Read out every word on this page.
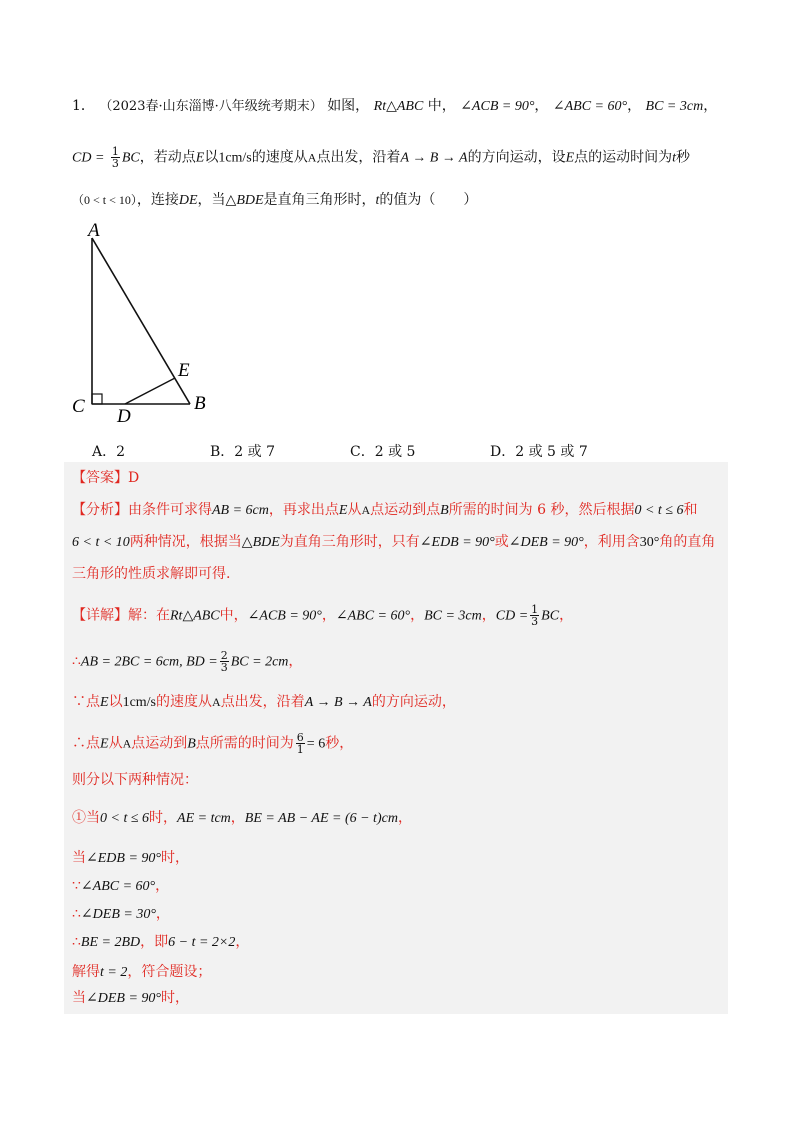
1． （2023春·山东淄博·八年级统考期末） 如图， Rt△ABC 中， ∠ACB = 90°， ∠ABC = 60°， BC = 3cm，
CD = $\frac{1}{3}$ BC，若动点E以1cm/s的速度从A点出发，沿着A → B → A的方向运动，设E点的运动时间为t秒
（0 < t < 10），连接DE，当△BDE是直角三角形时，t的值为（　　）
A
C D
E
B
A．2	B．2 或 7	C．2 或 5	D．2 或 5 或 7
【答案】D
【分析】由条件可求得AB = 6cm，再求出点E从A点运动到点B所需的时间为 6 秒，然后根据0 < t ≤ 6和
6 < t < 10两种情况，根据当△BDE为直角三角形时，只有∠EDB = 90°或∠DEB = 90°，利用含30°角的直角
三角形的性质求解即可得.
【详解】解：在Rt△ABC中，∠ACB = 90°，∠ABC = 60°，BC = 3cm，CD = $\frac{1}{3}$ BC，
∴AB = 2BC = 6cm, BD = $\frac{2}{3}$ BC = 2cm，
∵点E以1cm/s的速度从A点出发，沿着A → B → A的方向运动，
∴点E从A点运动到B点所需的时间为 $\frac{6}{1} = 6$秒，
则分以下两种情况：
①当0 < t ≤ 6时，AE = tcm，BE = AB − AE = (6 − t)cm，
当∠EDB = 90°时，
∵∠ABC = 60°，
∴∠DEB = 30°，
∴BE = 2BD，即6 − t = 2×2，
解得t = 2，符合题设；
当∠DEB = 90°时，
